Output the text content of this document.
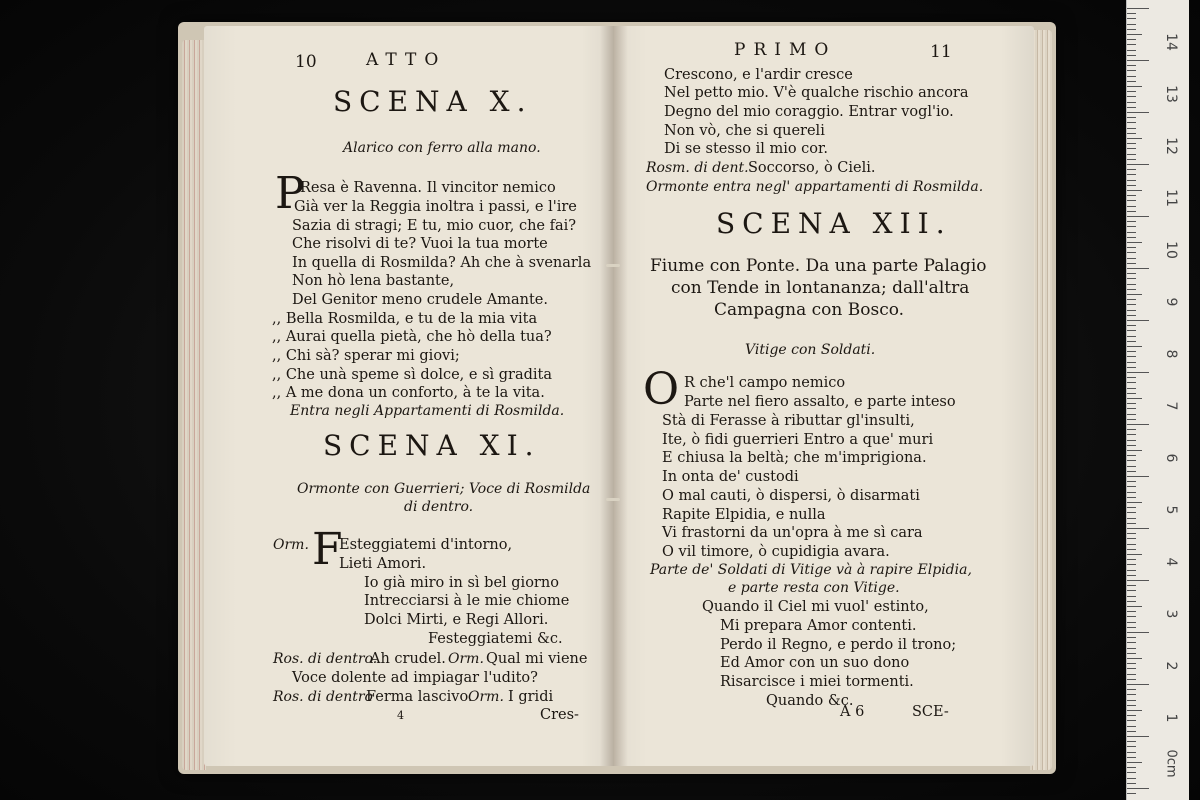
10	ATTO
SCENA X.
Alarico con ferro alla mano.
P
Resa è Ravenna. Il vincitor nemico
Già ver la Reggia inoltra i passi, e l'ire
Sazia di stragi; E tu, mio cuor, che fai?
Che risolvi di te? Vuoi la tua morte
In quella di Rosmilda? Ah che à svenarla
Non hò lena bastante,
Del Genitor meno crudele Amante.
,, Bella Rosmilda, e tu de la mia vita
,, Aurai quella pietà, che hò della tua?
,, Chi sà? sperar mi giovi;
,, Che unà speme sì dolce, e sì gradita
,, A me dona un conforto, à te la vita.
Entra negli Appartamenti di Rosmilda.
SCENA XI.
Ormonte con Guerrieri; Voce di Rosmilda
di dentro.
Orm. F
Esteggiatemi d'intorno,
Lieti Amori.
Io già miro in sì bel giorno
Intrecciarsi à le mie chiome
Dolci Mirti, e Regi Allori.
Festeggiatemi &c.
Ros. di dentro.
Ah crudel. Orm. Qual mi viene
Voce dolente ad impiagar l'udito?
Ros. di dentro
Ferma lascivo.
Orm. I gridi
4	Cres-
PRIMO	11
Crescono, e l'ardir cresce
Nel petto mio. V'è qualche rischio ancora
Degno del mio coraggio. Entrar vogl'io.
Non vò, che si quereli
Di se stesso il mio cor.
Rosm. di dent. Soccorso, ò Cieli.
Ormonte entra negl' appartamenti di Rosmilda.
SCENA XII.
Fiume con Ponte. Da una parte Palagio
con Tende in lontananza; dall'altra
Campagna con Bosco.
Vitige con Soldati.
O R che'l campo nemico
Parte nel fiero assalto, e parte inteso
Stà di Ferasse à ributtar gl'insulti,
Ite, ò fidi guerrieri Entro a que' muri
E chiusa la beltà; che m'imprigiona.
In onta de' custodi
O mal cauti, ò dispersi, ò disarmati
Rapite Elpidia, e nulla
Vi frastorni da un'opra à me sì cara
O vil timore, ò cupidigia avara.
Parte de' Soldati di Vitige và à rapire Elpidia,
e parte resta con Vitige.
Quando il Ciel mi vuol' estinto,
Mi prepara Amor contenti.
Perdo il Regno, e perdo il trono;
Ed Amor con un suo dono
Risarcisce i miei tormenti.
Quando &c.
A 6	SCE-
14
13
12
11
10
9
8
7
6
5
4
3
2
1
0cm
